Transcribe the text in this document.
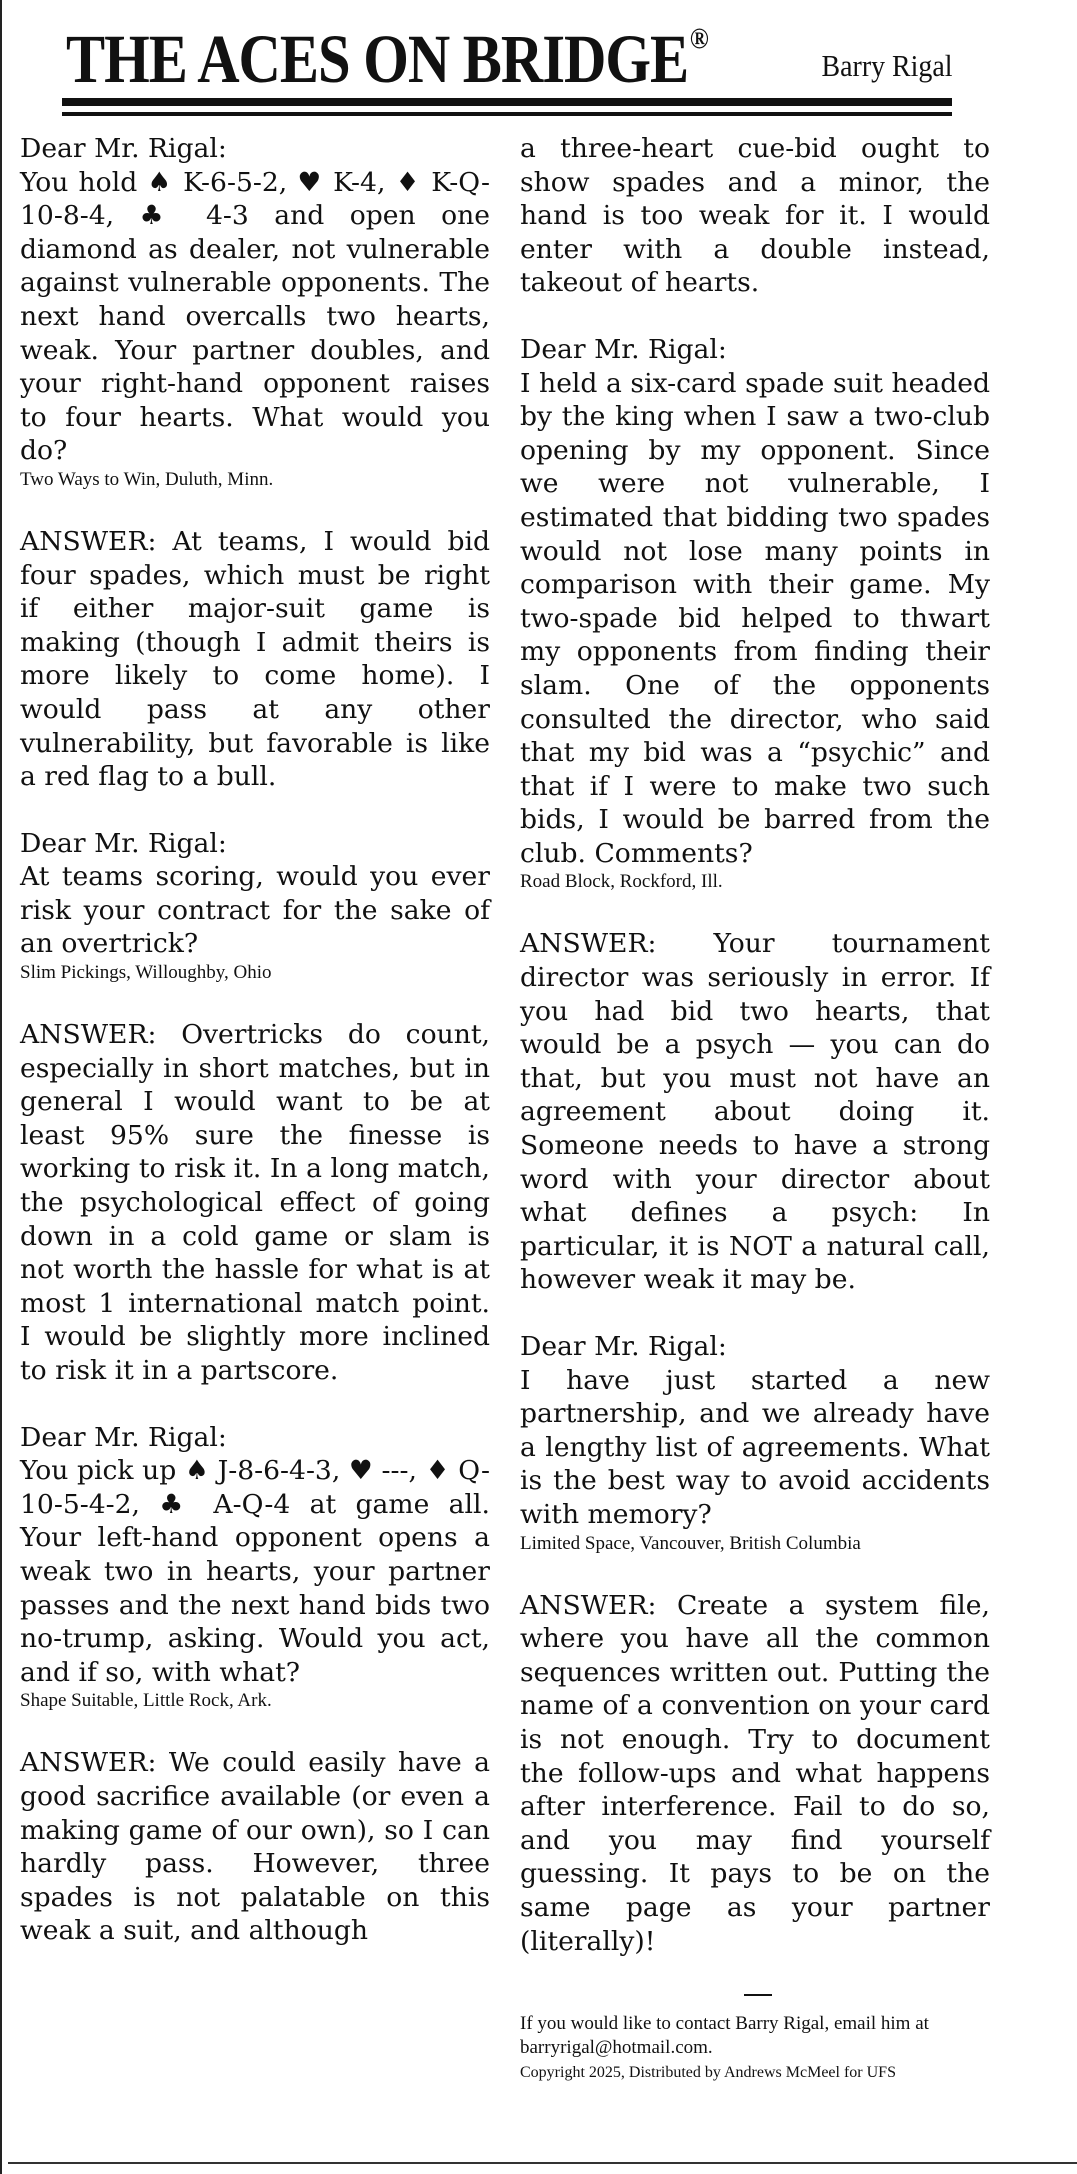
THE ACES ON BRIDGE®
Barry Rigal

Dear Mr. Rigal:

You hold ♠ K-6-5-2, ♥ K-4, ♦ K-Q-10-8-4, ♣ 4-3 and open one diamond as dealer, not vulnerable against vulnerable opponents. The next hand overcalls two hearts, weak. Your partner doubles, and your right-hand opponent raises to four hearts. What would you do?

Two Ways to Win, Duluth, Minn.

ANSWER: At teams, I would bid four spades, which must be right if either major-suit game is making (though I admit theirs is more likely to come home). I would pass at any other vulnerability, but favorable is like a red flag to a bull.

Dear Mr. Rigal:

At teams scoring, would you ever risk your contract for the sake of an overtrick?

Slim Pickings, Willoughby, Ohio

ANSWER: Overtricks do count, especially in short matches, but in general I would want to be at least 95% sure the finesse is working to risk it. In a long match, the psychological effect of going down in a cold game or slam is not worth the hassle for what is at most 1 international match point. I would be slightly more inclined to risk it in a partscore.

Dear Mr. Rigal:

You pick up ♠ J-8-6-4-3, ♥ ---, ♦ Q-10-5-4-2, ♣ A-Q-4 at game all. Your left-hand opponent opens a weak two in hearts, your partner passes and the next hand bids two no-trump, asking. Would you act, and if so, with what?

Shape Suitable, Little Rock, Ark.

ANSWER: We could easily have a good sacrifice available (or even a making game of our own), so I can hardly pass. However, three spades is not palatable on this weak a suit, and although

a three-heart cue-bid ought to show spades and a minor, the hand is too weak for it. I would enter with a double instead, takeout of hearts.

Dear Mr. Rigal:

I held a six-card spade suit headed by the king when I saw a two-club opening by my opponent. Since we were not vulnerable, I estimated that bidding two spades would not lose many points in comparison with their game. My two-spade bid helped to thwart my opponents from finding their slam. One of the opponents consulted the director, who said that my bid was a “psychic” and that if I were to make two such bids, I would be barred from the club. Comments?

Road Block, Rockford, Ill.

ANSWER: Your tournament director was seriously in error. If you had bid two hearts, that would be a psych — you can do that, but you must not have an agreement about doing it. Someone needs to have a strong word with your director about what defines a psych: In particular, it is NOT a natural call, however weak it may be.

Dear Mr. Rigal:

I have just started a new partnership, and we already have a lengthy list of agreements. What is the best way to avoid accidents with memory?

Limited Space, Vancouver, British Columbia

ANSWER: Create a system file, where you have all the common sequences written out. Putting the name of a convention on your card is not enough. Try to document the follow-ups and what happens after interference. Fail to do so, and you may find yourself guessing. It pays to be on the same page as your partner (literally)!

If you would like to contact Barry Rigal, email him at barryrigal@hotmail.com.

Copyright 2025, Distributed by Andrews McMeel for UFS
